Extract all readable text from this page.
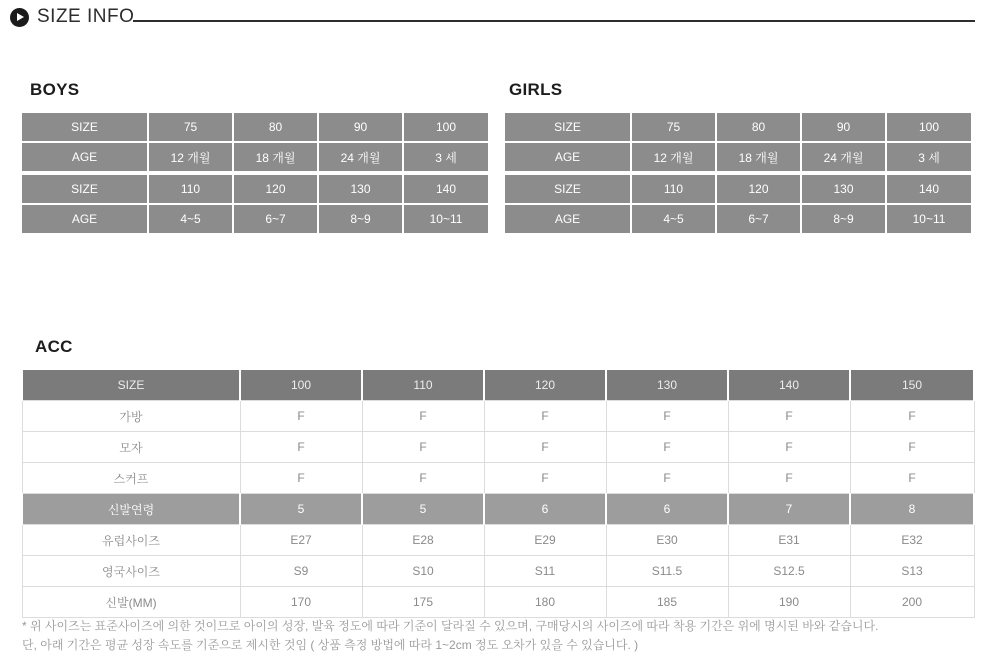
SIZE INFO
BOYS
SIZE	75	80	90	100
AGE	12 개월	18 개월	24 개월	3 세
SIZE	110	120	130	140
AGE	4~5	6~7	8~9	10~11
GIRLS
SIZE	75	80	90	100
AGE	12 개월	18 개월	24 개월	3 세
SIZE	110	120	130	140
AGE	4~5	6~7	8~9	10~11
ACC
SIZE	100	110	120	130	140	150
가방	F	F	F	F	F	F
모자	F	F	F	F	F	F
스커프	F	F	F	F	F	F
신발연령	5	5	6	6	7	8
유럽사이즈	E27	E28	E29	E30	E31	E32
영국사이즈	S9	S10	S11	S11.5	S12.5	S13
신발(MM)	170	175	180	185	190	200
* 위 사이즈는 표준사이즈에 의한 것이므로 아이의 성장, 발육 정도에 따라 기준이 달라질 수 있으며, 구매당시의 사이즈에 따라 착용 기간은 위에 명시된 바와 같습니다.
단, 아래 기간은 평균 성장 속도를 기준으로 제시한 것임 ( 상품 측정 방법에 따라 1~2cm 정도 오차가 있을 수 있습니다. )
